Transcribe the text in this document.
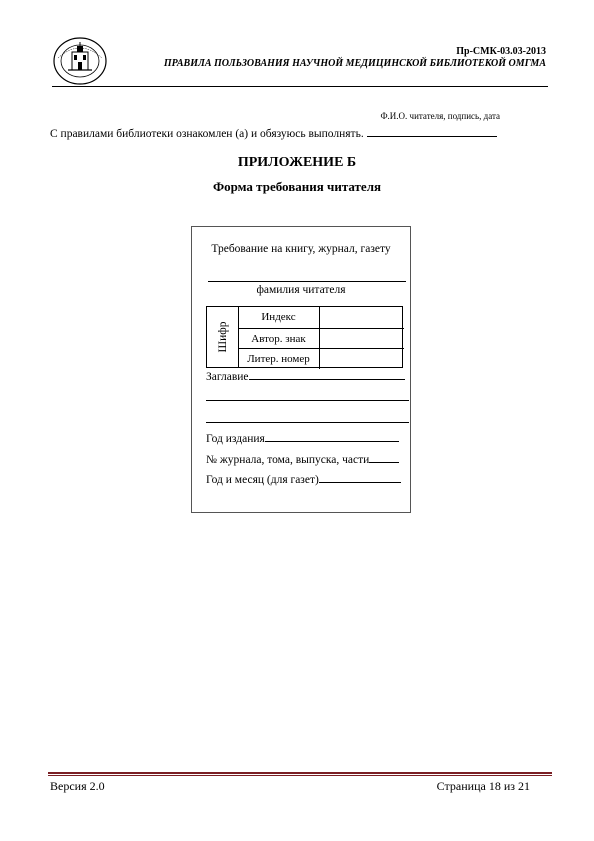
Пр-СМК-03.03-2013
ПРАВИЛА ПОЛЬЗОВАНИЯ НАУЧНОЙ МЕДИЦИНСКОЙ БИБЛИОТЕКОЙ ОМГМА
Ф.И.О. читателя, подпись, дата
С правилами библиотеки ознакомлен (а) и обязуюсь выполнять.
ПРИЛОЖЕНИЕ Б
Форма требования читателя
Требование на книгу, журнал, газету
фамилия читателя
Шифр
Индекс
Автор. знак
Литер. номер
Заглавие
Год издания
№ журнала, тома, выпуска, части
Год и месяц (для газет)
Версия 2.0	Страница 18 из 21
